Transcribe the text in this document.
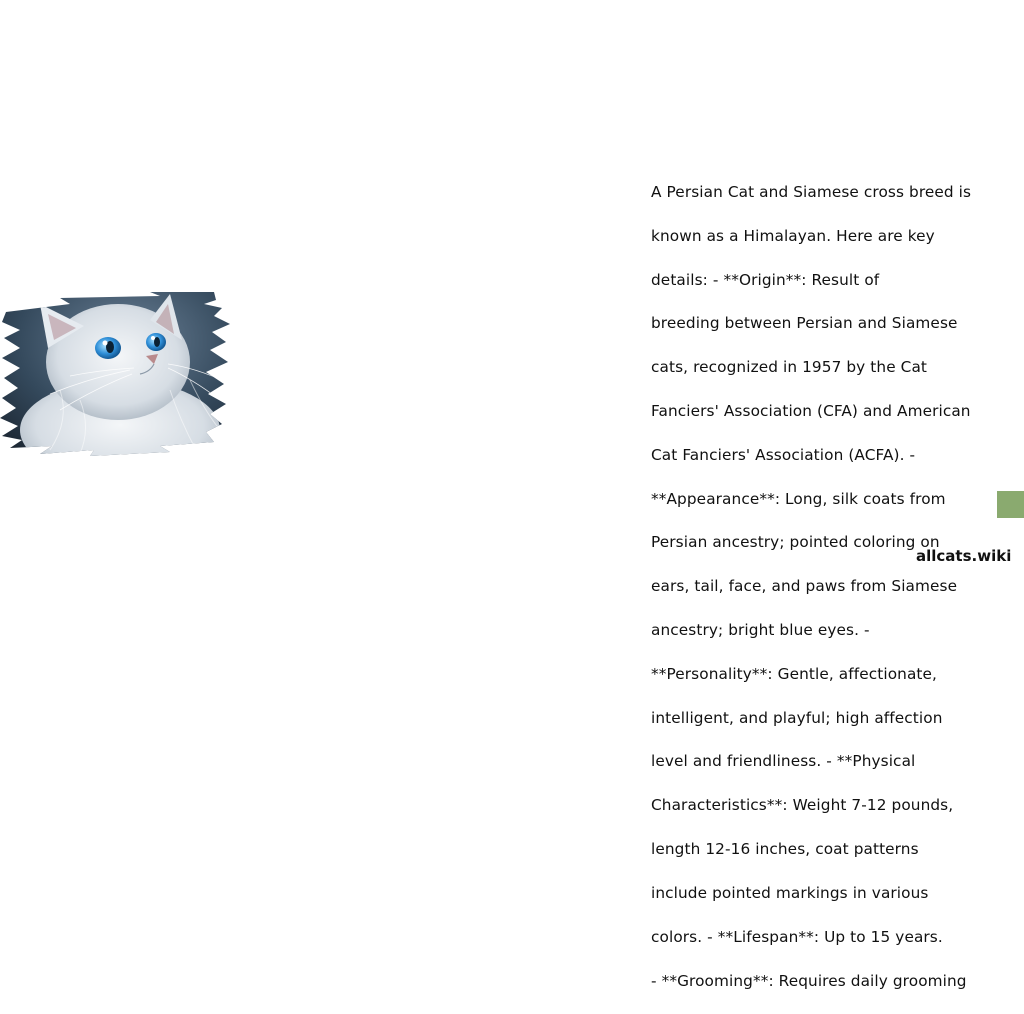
A Persian Cat and Siamese cross breed is

known as a Himalayan. Here are key

details: - **Origin**: Result of

breeding between Persian and Siamese

cats, recognized in 1957 by the Cat

Fanciers' Association (CFA) and American

Cat Fanciers' Association (ACFA). -

**Appearance**: Long, silk coats from

Persian ancestry; pointed coloring on

ears, tail, face, and paws from Siamese

ancestry; bright blue eyes. -

**Personality**: Gentle, affectionate,

intelligent, and playful; high affection

level and friendliness. - **Physical

Characteristics**: Weight 7-12 pounds,

length 12-16 inches, coat patterns

include pointed markings in various

colors. - **Lifespan**: Up to 15 years.

- **Grooming**: Requires daily grooming

allcats.wiki
